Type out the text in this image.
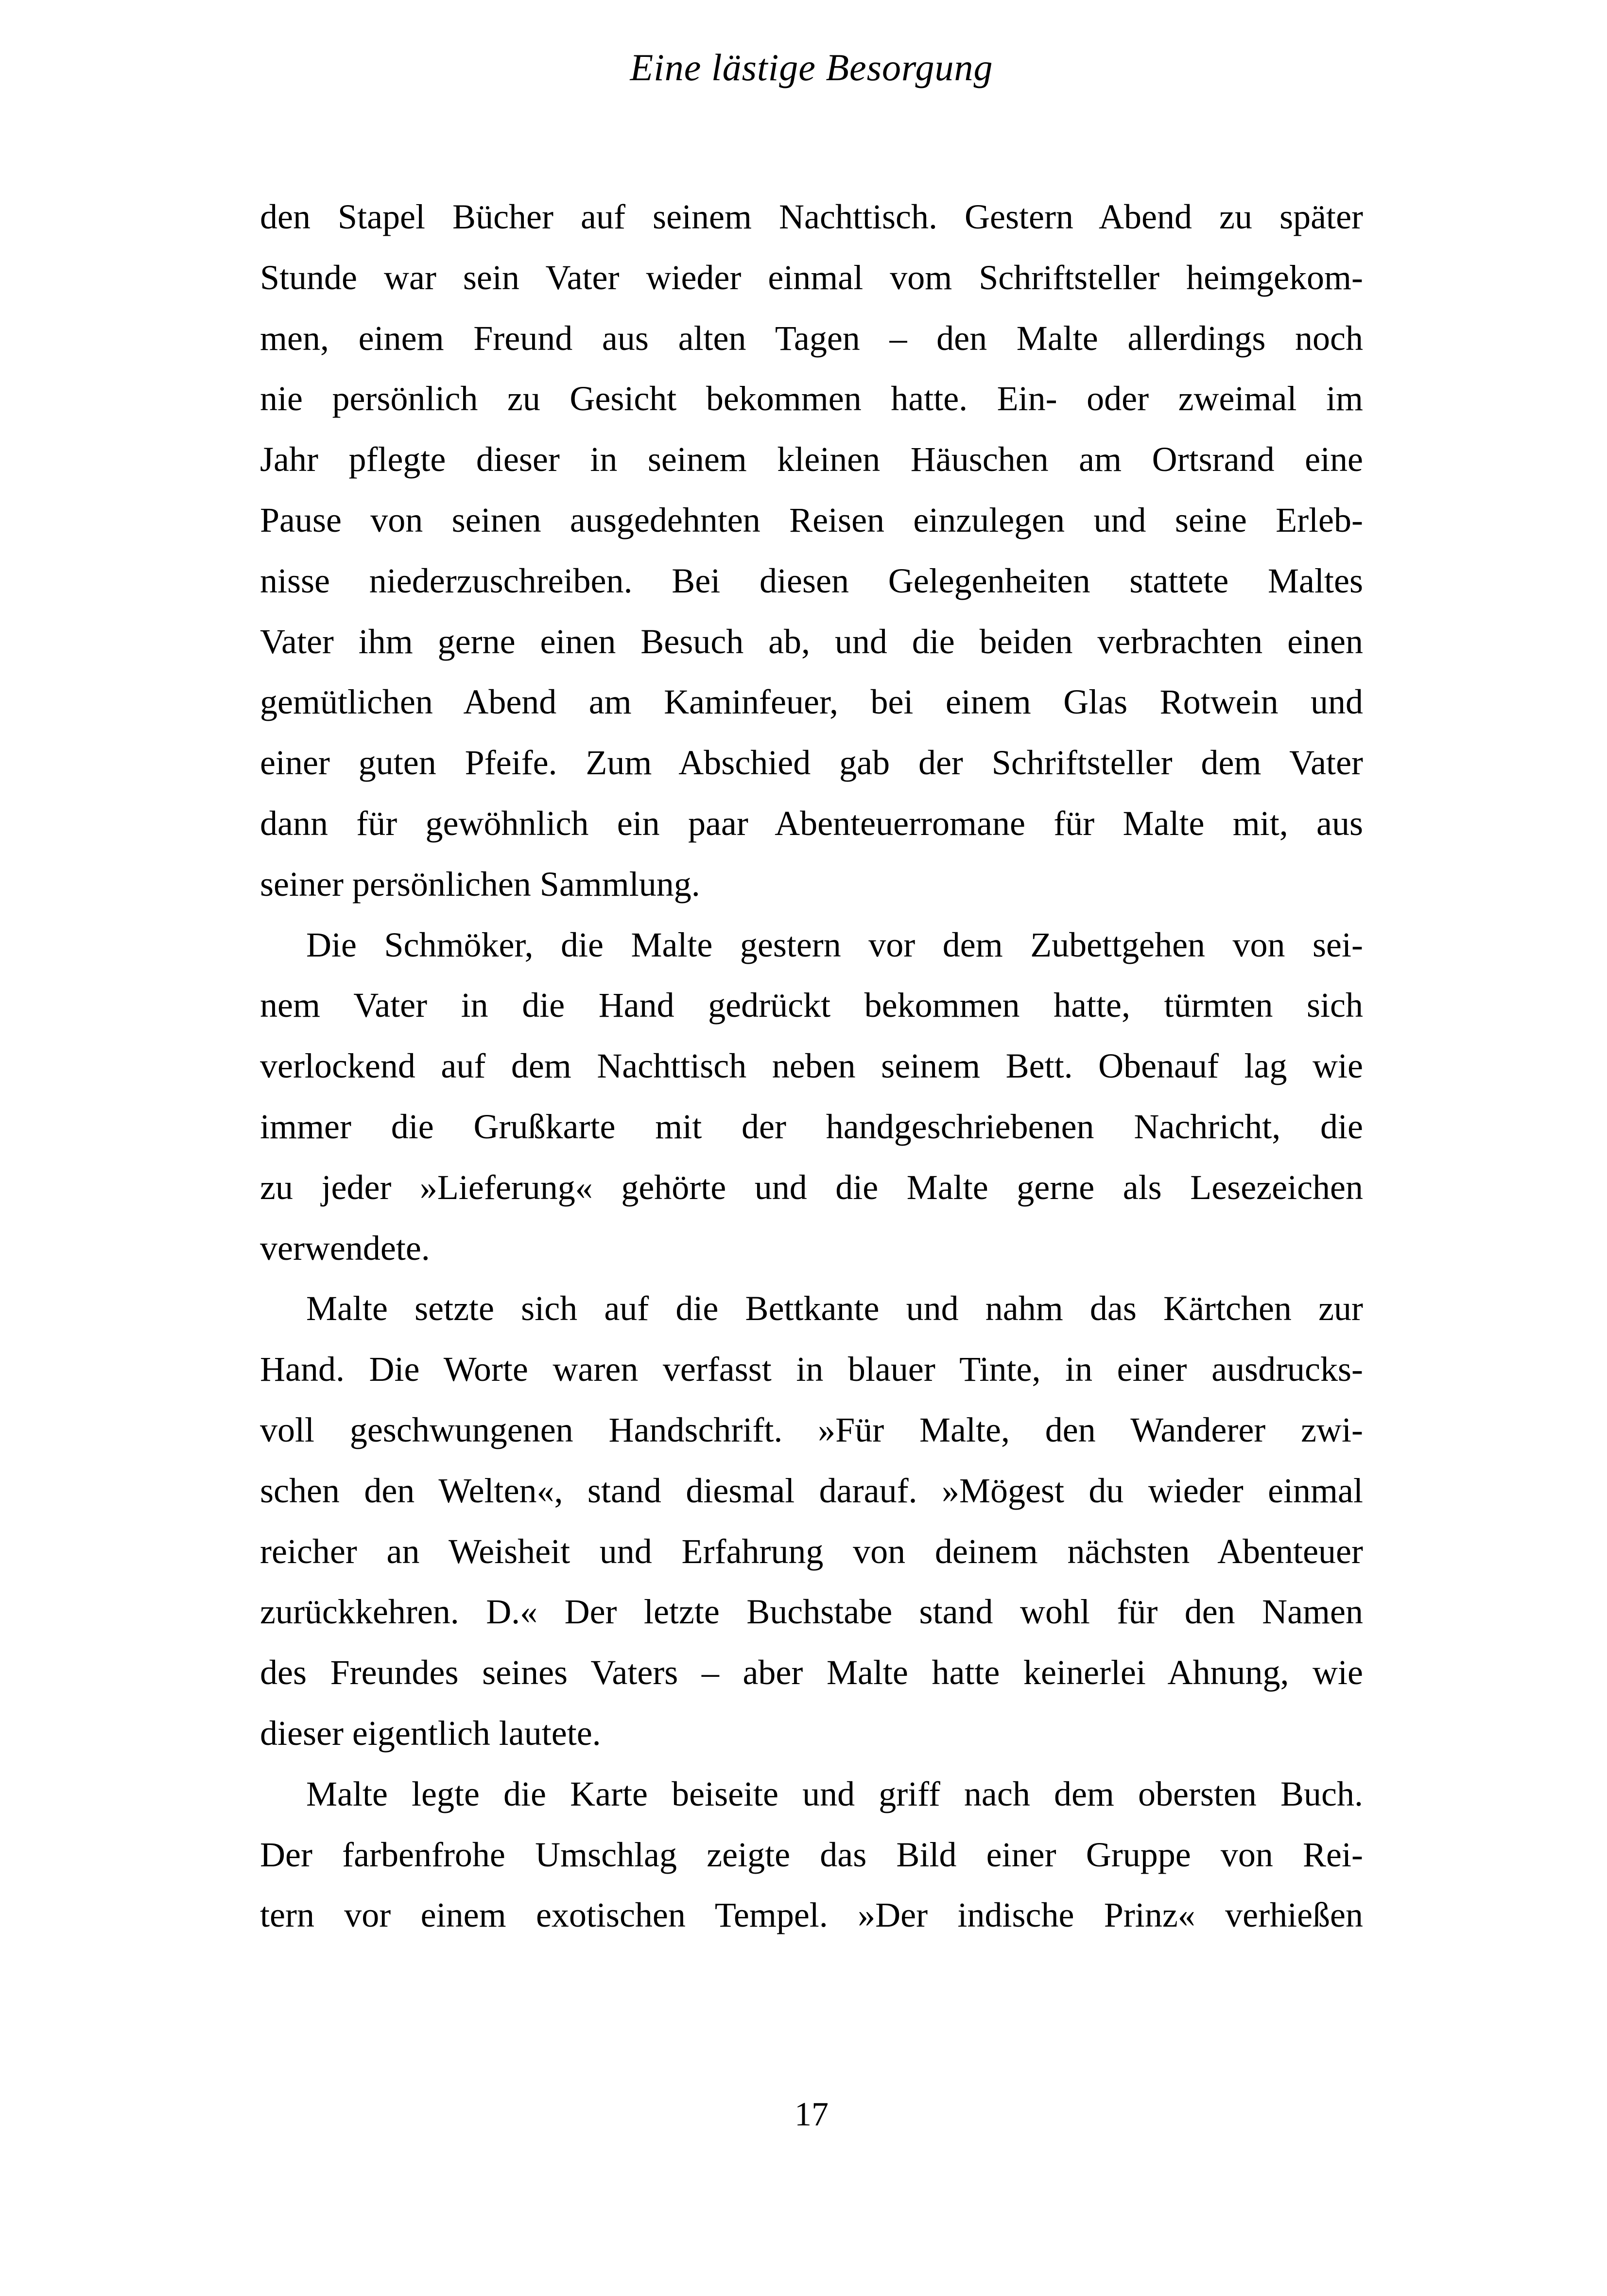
Eine lästige Besorgung
den Stapel Bücher auf seinem Nachttisch. Gestern Abend zu später
Stunde war sein Vater wieder einmal vom Schriftsteller heimgekom-
men, einem Freund aus alten Tagen – den Malte allerdings noch
nie persönlich zu Gesicht bekommen hatte. Ein- oder zweimal im
Jahr pflegte dieser in seinem kleinen Häuschen am Ortsrand eine
Pause von seinen ausgedehnten Reisen einzulegen und seine Erleb-
nisse niederzuschreiben. Bei diesen Gelegenheiten stattete Maltes
Vater ihm gerne einen Besuch ab, und die beiden verbrachten einen
gemütlichen Abend am Kaminfeuer, bei einem Glas Rotwein und
einer guten Pfeife. Zum Abschied gab der Schriftsteller dem Vater
dann für gewöhnlich ein paar Abenteuerromane für Malte mit, aus
seiner persönlichen Sammlung.
Die Schmöker, die Malte gestern vor dem Zubettgehen von sei-
nem Vater in die Hand gedrückt bekommen hatte, türmten sich
verlockend auf dem Nachttisch neben seinem Bett. Obenauf lag wie
immer die Grußkarte mit der handgeschriebenen Nachricht, die
zu jeder »Lieferung« gehörte und die Malte gerne als Lesezeichen
verwendete.
Malte setzte sich auf die Bettkante und nahm das Kärtchen zur
Hand. Die Worte waren verfasst in blauer Tinte, in einer ausdrucks-
voll geschwungenen Handschrift. »Für Malte, den Wanderer zwi-
schen den Welten«, stand diesmal darauf. »Mögest du wieder einmal
reicher an Weisheit und Erfahrung von deinem nächsten Abenteuer
zurückkehren. D.« Der letzte Buchstabe stand wohl für den Namen
des Freundes seines Vaters – aber Malte hatte keinerlei Ahnung, wie
dieser eigentlich lautete.
Malte legte die Karte beiseite und griff nach dem obersten Buch.
Der farbenfrohe Umschlag zeigte das Bild einer Gruppe von Rei-
tern vor einem exotischen Tempel. »Der indische Prinz« verhießen
17
